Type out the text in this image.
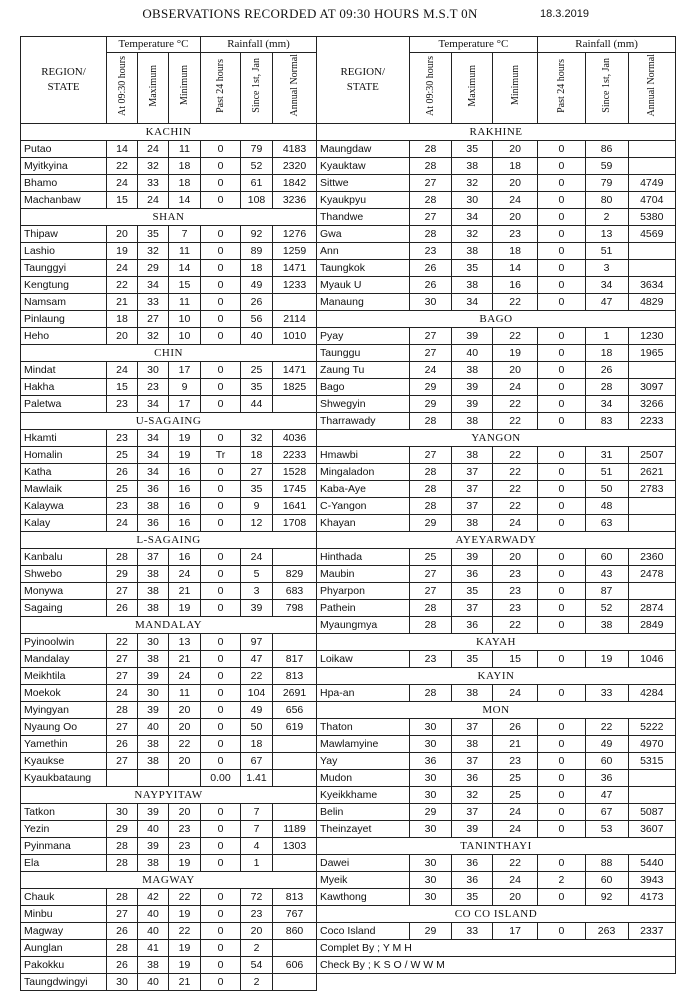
OBSERVATIONS RECORDED AT 09:30 HOURS M.S.T 0N	18.3.2019
REGION/
STATE	Temperature °C			Rainfall (mm)		
	At 09:30 hours	Maximum	Minimum	Past 24 hours	Since 1st, Jan	Annual Normal
KACHIN						
Putao	14	24	11	0	79	4183
Myitkyina	22	32	18	0	52	2320
Bhamo	24	33	18	0	61	1842
Machanbaw	15	24	14	0	108	3236
SHAN						
Thipaw	20	35	7	0	92	1276
Lashio	19	32	11	0	89	1259
Taunggyi	24	29	14	0	18	1471
Kengtung	22	34	15	0	49	1233
Namsam	21	33	11	0	26	
Pinlaung	18	27	10	0	56	2114
Heho	20	32	10	0	40	1010
CHIN						
Mindat	24	30	17	0	25	1471
Hakha	15	23	9	0	35	1825
Paletwa	23	34	17	0	44	
U-SAGAING						
Hkamti	23	34	19	0	32	4036
Homalin	25	34	19	Tr	18	2233
Katha	26	34	16	0	27	1528
Mawlaik	25	36	16	0	35	1745
Kalaywa	23	38	16	0	9	1641
Kalay	24	36	16	0	12	1708
L-SAGAING						
Kanbalu	28	37	16	0	24	
Shwebo	29	38	24	0	5	829
Monywa	27	38	21	0	3	683
Sagaing	26	38	19	0	39	798
MANDALAY						
Pyinoolwin	22	30	13	0	97	
Mandalay	27	38	21	0	47	817
Meikhtila	27	39	24	0	22	813
Moekok	24	30	11	0	104	2691
Myingyan	28	39	20	0	49	656
Nyaung Oo	27	40	20	0	50	619
Yamethin	26	38	22	0	18	
Kyaukse	27	38	20	0	67	
Kyaukbataung				0.00	1.41	
NAYPYITAW						
Tatkon	30	39	20	0	7	
Yezin	29	40	23	0	7	1189
Pyinmana	28	39	23	0	4	1303
Ela	28	38	19	0	1	
MAGWAY						
Chauk	28	42	22	0	72	813
Minbu	27	40	19	0	23	767
Magway	26	40	22	0	20	860
Aunglan	28	41	19	0	2	
Pakokku	26	38	19	0	54	606
Taungdwingyi	30	40	21	0	2	
REGION/
STATE	Temperature °C			Rainfall (mm)		
	At 09:30 hours	Maximum	Minimum	Past 24 hours	Since 1st, Jan	Annual Normal
RAKHINE						
Maungdaw	28	35	20	0	86	
Kyauktaw	28	38	18	0	59	
Sittwe	27	32	20	0	79	4749
Kyaukpyu	28	30	24	0	80	4704
Thandwe	27	34	20	0	2	5380
Gwa	28	32	23	0	13	4569
Ann	23	38	18	0	51	
Taungkok	26	35	14	0	3	
Myauk U	26	38	16	0	34	3634
Manaung	30	34	22	0	47	4829
BAGO						
Pyay	27	39	22	0	1	1230
Taunggu	27	40	19	0	18	1965
Zaung Tu	24	38	20	0	26	
Bago	29	39	24	0	28	3097
Shwegyin	29	39	22	0	34	3266
Tharrawady	28	38	22	0	83	2233
YANGON						
Hmawbi	27	38	22	0	31	2507
Mingaladon	28	37	22	0	51	2621
Kaba-Aye	28	37	22	0	50	2783
C-Yangon	28	37	22	0	48	
Khayan	29	38	24	0	63	
AYEYARWADY						
Hinthada	25	39	20	0	60	2360
Maubin	27	36	23	0	43	2478
Phyarpon	27	35	23	0	87	
Pathein	28	37	23	0	52	2874
Myaungmya	28	36	22	0	38	2849
KAYAH						
Loikaw	23	35	15	0	19	1046
KAYIN						
Hpa-an	28	38	24	0	33	4284
MON						
Thaton	30	37	26	0	22	5222
Mawlamyine	30	38	21	0	49	4970
Yay	36	37	23	0	60	5315
Mudon	30	36	25	0	36	
Kyeikkhame	30	32	25	0	47	
Belin	29	37	24	0	67	5087
Theinzayet	30	39	24	0	53	3607
TANINTHAYI						
Dawei	30	36	22	0	88	5440
Myeik	30	36	24	2	60	3943
Kawthong	30	35	20	0	92	4173
CO CO ISLAND						
Coco Island	29	33	17	0	263	2337
Complet By ; Y M H						
Check By ; K S O / W W M						
